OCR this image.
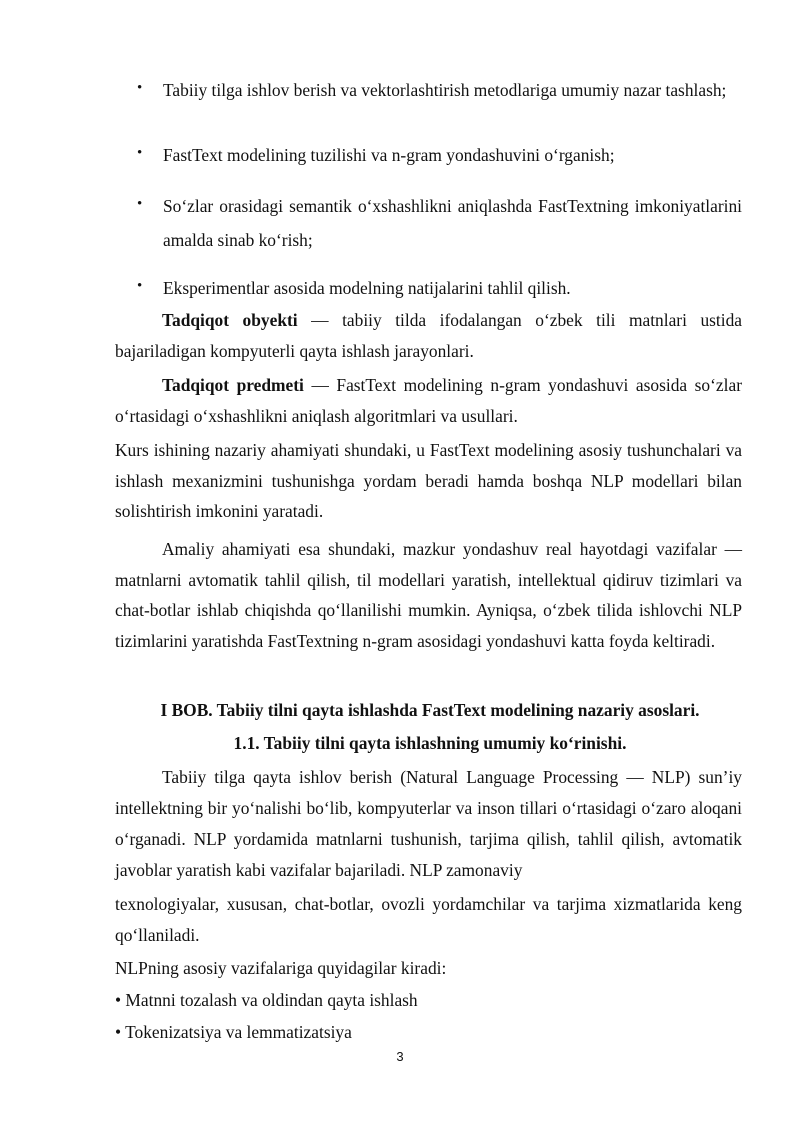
• Tabiiy tilga ishlov berish va vektorlashtirish metodlariga umumiy nazar tashlash;
• FastText modelining tuzilishi va n-gram yondashuvini o‘rganish;
• So‘zlar orasidagi semantik o‘xshashlikni aniqlashda FastTextning imkoniyatlarini amalda sinab ko‘rish;
• Eksperimentlar asosida modelning natijalarini tahlil qilish.

Tadqiqot obyekti — tabiiy tilda ifodalangan o‘zbek tili matnlari ustida bajariladigan kompyuterli qayta ishlash jarayonlari.

Tadqiqot predmeti — FastText modelining n-gram yondashuvi asosida so‘zlar o‘rtasidagi o‘xshashlikni aniqlash algoritmlari va usullari.

Kurs ishining nazariy ahamiyati shundaki, u FastText modelining asosiy tushunchalari va ishlash mexanizmini tushunishga yordam beradi hamda boshqa NLP modellari bilan solishtirish imkonini yaratadi.

Amaliy ahamiyati esa shundaki, mazkur yondashuv real hayotdagi vazifalar — matnlarni avtomatik tahlil qilish, til modellari yaratish, intellektual qidiruv tizimlari va chat-botlar ishlab chiqishda qo‘llanilishi mumkin. Ayniqsa, o‘zbek tilida ishlovchi NLP tizimlarini yaratishda FastTextning n-gram asosidagi yondashuvi katta foyda keltiradi.

I BOB. Tabiiy tilni qayta ishlashda FastText modelining nazariy asoslari.
1.1. Tabiiy tilni qayta ishlashning umumiy ko‘rinishi.

Tabiiy tilga qayta ishlov berish (Natural Language Processing — NLP) sun’iy intellektning bir yo‘nalishi bo‘lib, kompyuterlar va inson tillari o‘rtasidagi o‘zaro aloqani o‘rganadi. NLP yordamida matnlarni tushunish, tarjima qilish, tahlil qilish, avtomatik javoblar yaratish kabi vazifalar bajariladi. NLP zamonaviy

texnologiyalar, xususan, chat-botlar, ovozli yordamchilar va tarjima xizmatlarida keng qo‘llaniladi.

NLPning asosiy vazifalariga quyidagilar kiradi:
• Matnni tozalash va oldindan qayta ishlash
• Tokenizatsiya va lemmatizatsiya
3
